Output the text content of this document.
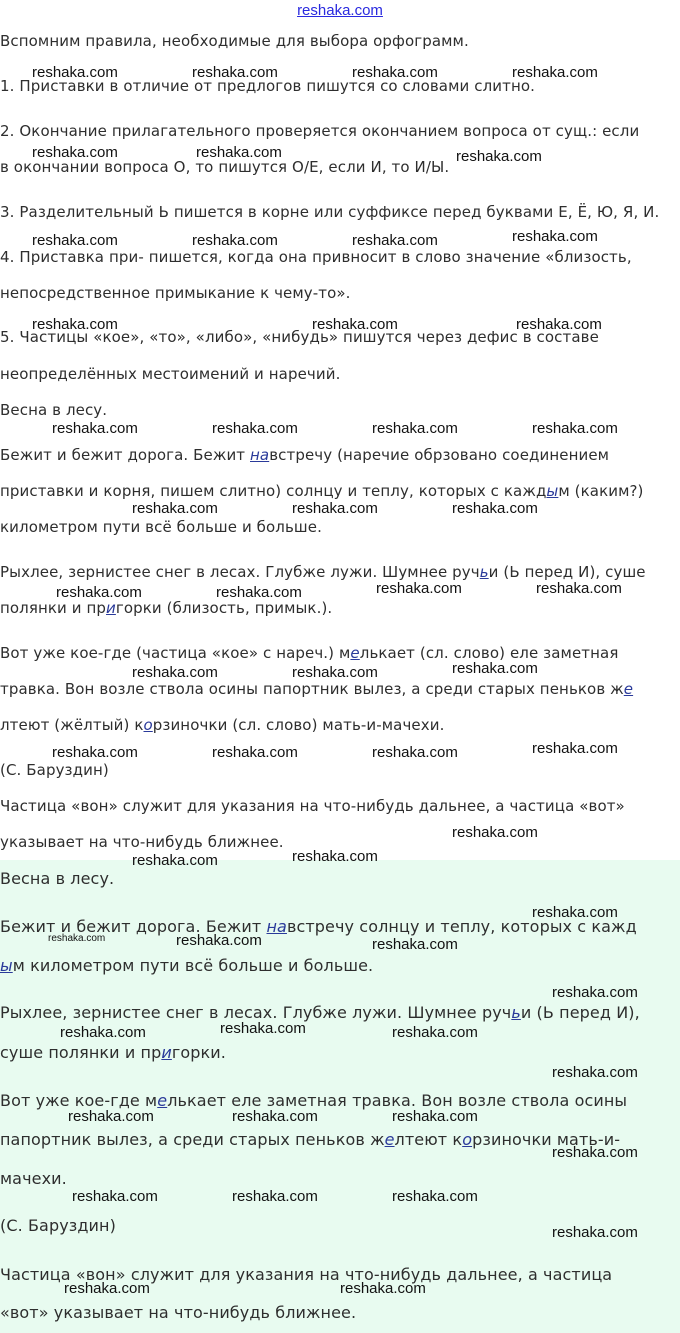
reshaka.com
Вспомним правила, необходимые для выбора орфограмм.
1. Приставки в отличие от предлогов пишутся со словами слитно.
2. Окончание прилагательного проверяется окончанием вопроса от сущ.: если
в окончании вопроса О, то пишутся О/Е, если И, то И/Ы.
3. Разделительный Ь пишется в корне или суффиксе перед буквами Е, Ё, Ю, Я, И.
4. Приставка при- пишется, когда она привносит в слово значение «близость,
непосредственное примыкание к чему-то».
5. Частицы «кое», «то», «либо», «нибудь» пишутся через дефис в составе
неопределённых местоимений и наречий.
Весна в лесу.
Бежит и бежит дорога. Бежит навстречу (наречие обрзовано соединением
приставки и корня, пишем слитно) солнцу и теплу, которых с каждым (каким?)
километром пути всё больше и больше.
Рыхлее, зернистее снег в лесах. Глубже лужи. Шумнее ручьи (Ь перед И), суше
полянки и пригорки (близость, примык.).
Вот уже кое-где (частица «кое» с нареч.) мелькает (сл. слово) еле заметная
травка. Вон возле ствола осины папортник вылез, а среди старых пеньков же
лтеют (жёлтый) корзиночки (сл. слово) мать-и-мачехи.
(С. Баруздин)
Частица «вон» служит для указания на что-нибудь дальнее, а частица «вот»
указывает на что-нибудь ближнее.
Весна в лесу.
Бежит и бежит дорога. Бежит навстречу солнцу и теплу, которых с кажд
ым километром пути всё больше и больше.
Рыхлее, зернистее снег в лесах. Глубже лужи. Шумнее ручьи (Ь перед И),
суше полянки и пригорки.
Вот уже кое-где мелькает еле заметная травка. Вон возле ствола осины
папортник вылез, а среди старых пеньков желтеют корзиночки мать-и-
мачехи.
(С. Баруздин)
Частица «вон» служит для указания на что-нибудь дальнее, а частица
«вот» указывает на что-нибудь ближнее.
reshaka.com	reshaka.com	reshaka.com	reshaka.com
reshaka.com	reshaka.com	reshaka.com
reshaka.com	reshaka.com	reshaka.com	reshaka.com
reshaka.com	reshaka.com	reshaka.com
reshaka.com	reshaka.com	reshaka.com	reshaka.com
reshaka.com	reshaka.com	reshaka.com
reshaka.com	reshaka.com	reshaka.com	reshaka.com
reshaka.com	reshaka.com	reshaka.com
reshaka.com	reshaka.com	reshaka.com	reshaka.com
reshaka.com
reshaka.com	reshaka.com
reshaka.com
reshaka.com	reshaka.com	reshaka.com
reshaka.com
reshaka.com	reshaka.com	reshaka.com
reshaka.com
reshaka.com	reshaka.com	reshaka.com
reshaka.com
reshaka.com	reshaka.com	reshaka.com
reshaka.com
reshaka.com	reshaka.com
